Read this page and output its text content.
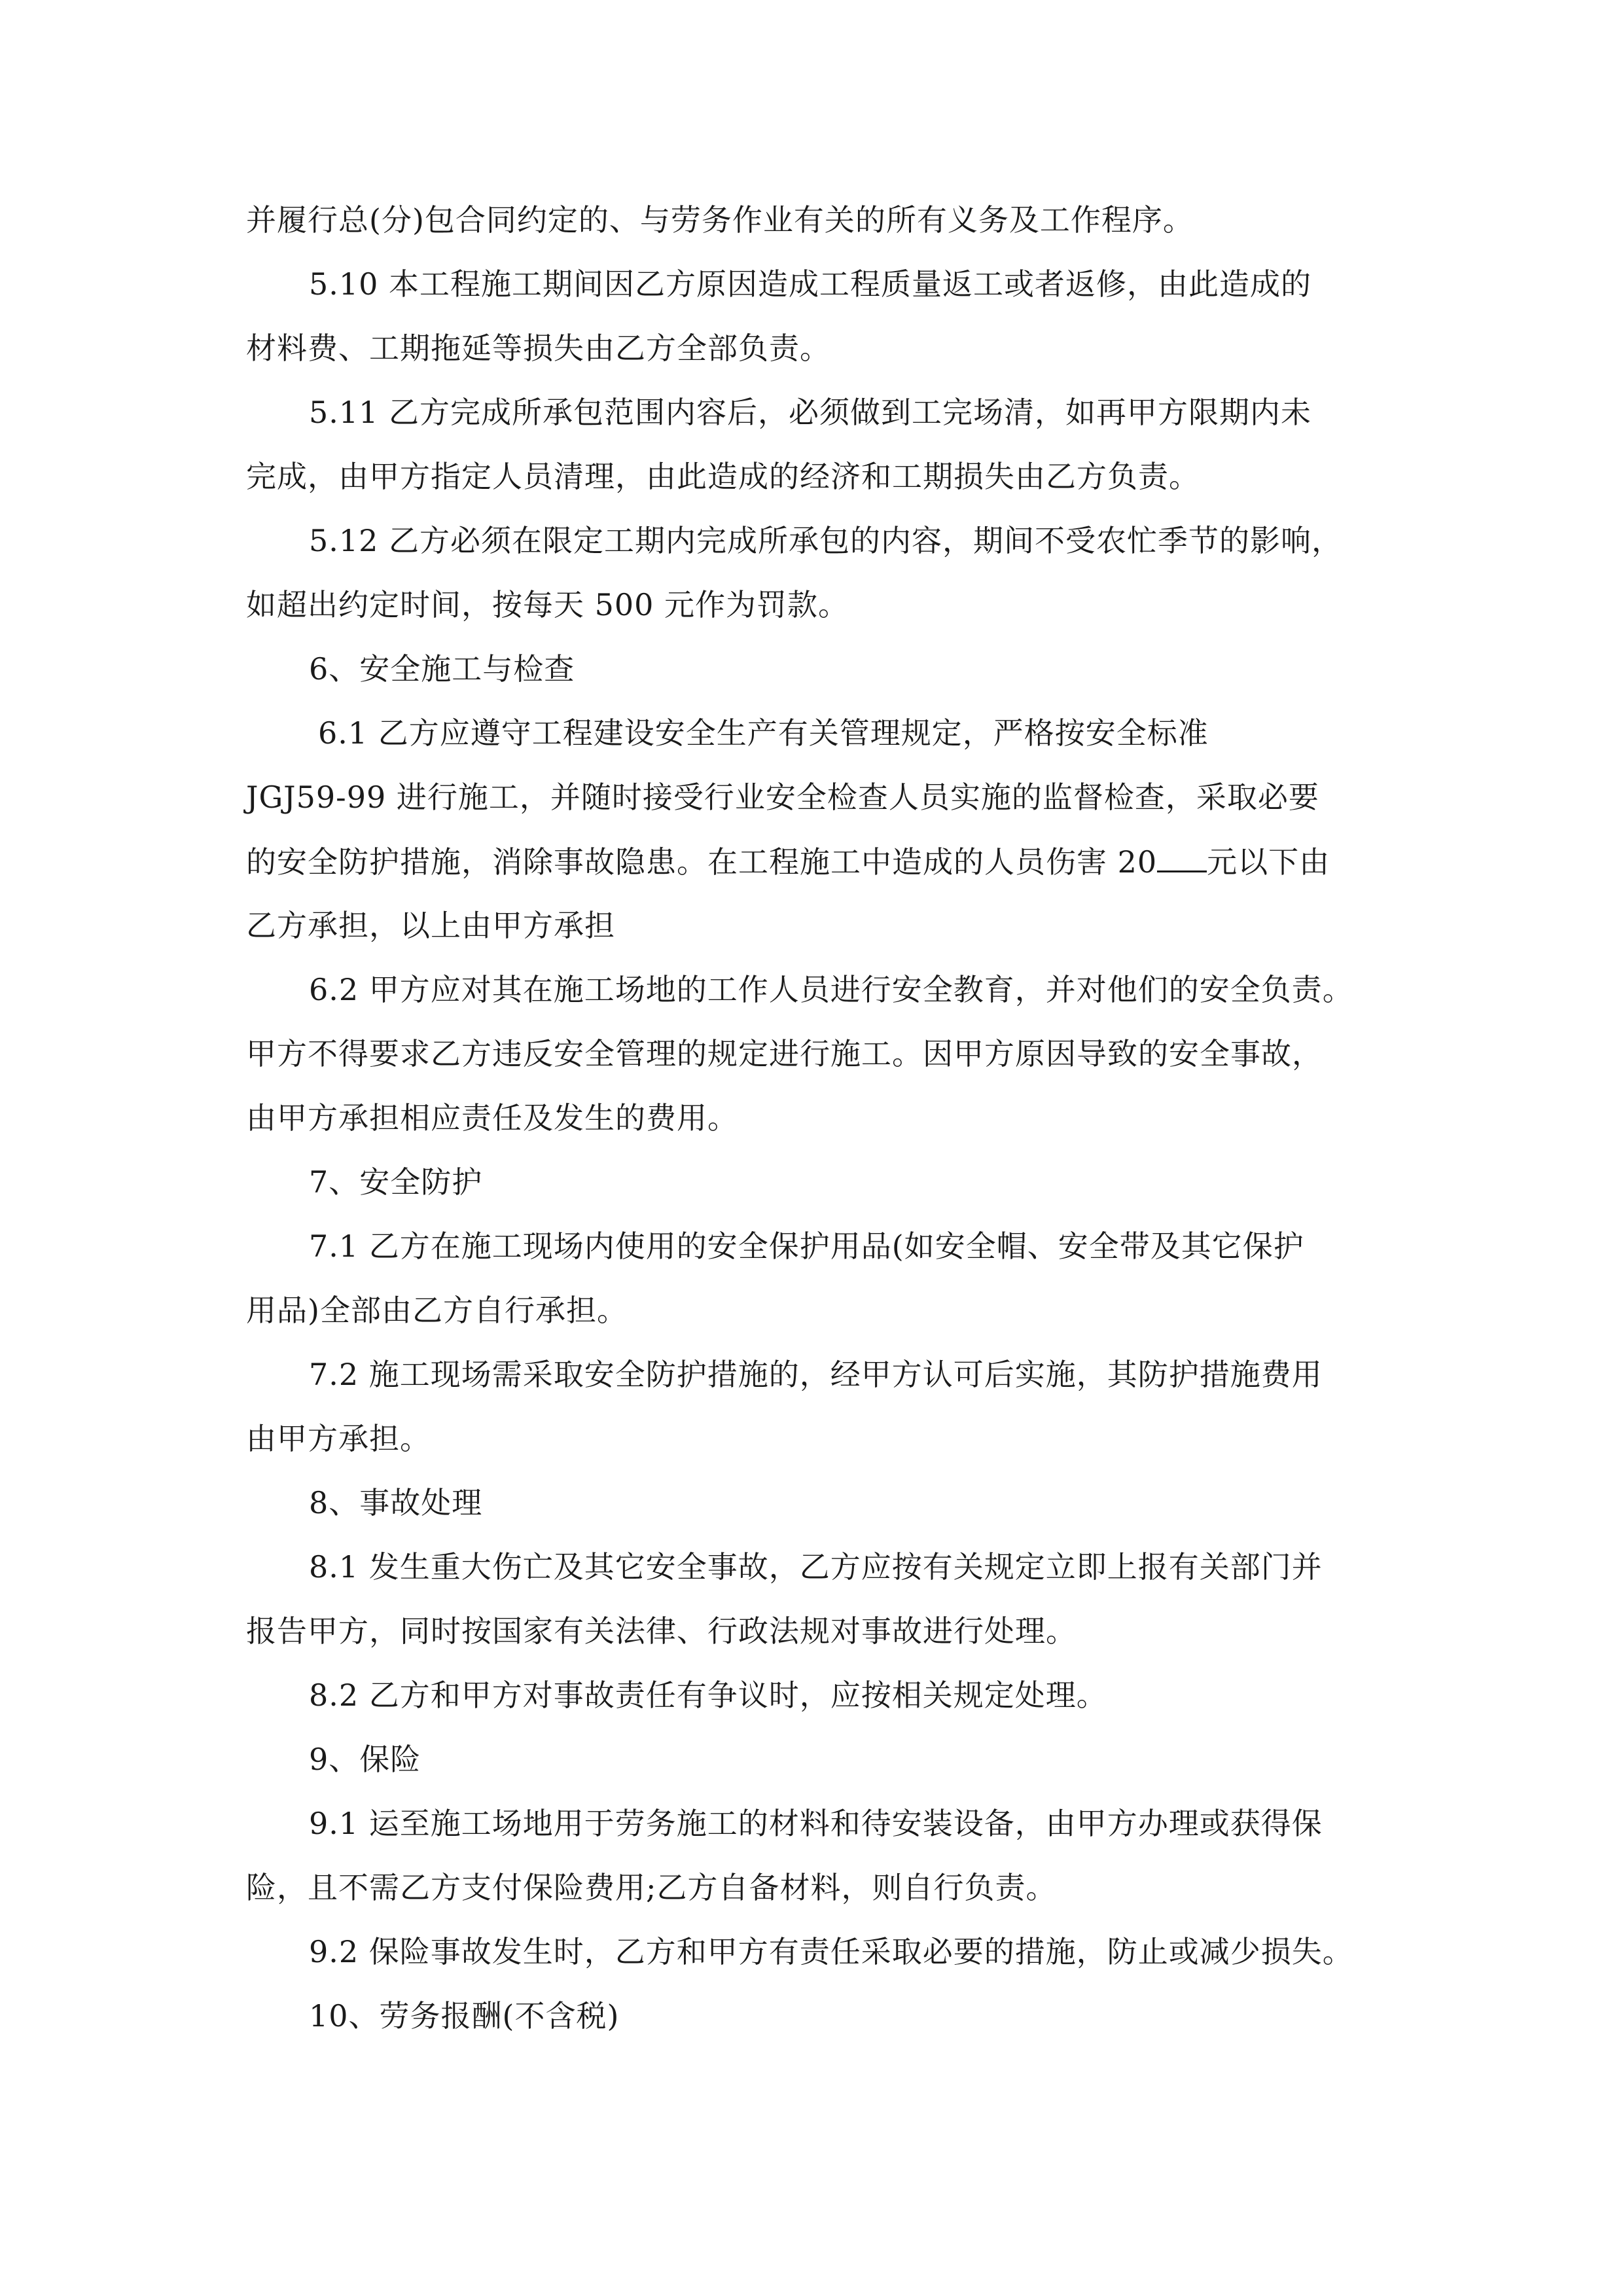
并履行总(分)包合同约定的、与劳务作业有关的所有义务及工作程序。
5.10 本工程施工期间因乙方原因造成工程质量返工或者返修，由此造成的
材料费、工期拖延等损失由乙方全部负责。
5.11 乙方完成所承包范围内容后，必须做到工完场清，如再甲方限期内未
完成，由甲方指定人员清理，由此造成的经济和工期损失由乙方负责。
5.12 乙方必须在限定工期内完成所承包的内容，期间不受农忙季节的影响，
如超出约定时间，按每天 500 元作为罚款。
6、安全施工与检查
6.1 乙方应遵守工程建设安全生产有关管理规定，严格按安全标准
JGJ59-99 进行施工，并随时接受行业安全检查人员实施的监督检查，采取必要
的安全防护措施，消除事故隐患。在工程施工中造成的人员伤害 20 元以下由
乙方承担，以上由甲方承担
6.2 甲方应对其在施工场地的工作人员进行安全教育，并对他们的安全负责。
甲方不得要求乙方违反安全管理的规定进行施工。因甲方原因导致的安全事故，
由甲方承担相应责任及发生的费用。
7、安全防护
7.1 乙方在施工现场内使用的安全保护用品(如安全帽、安全带及其它保护
用品)全部由乙方自行承担。
7.2 施工现场需采取安全防护措施的，经甲方认可后实施，其防护措施费用
由甲方承担。
8、事故处理
8.1 发生重大伤亡及其它安全事故，乙方应按有关规定立即上报有关部门并
报告甲方，同时按国家有关法律、行政法规对事故进行处理。
8.2 乙方和甲方对事故责任有争议时，应按相关规定处理。
9、保险
9.1 运至施工场地用于劳务施工的材料和待安装设备，由甲方办理或获得保
险，且不需乙方支付保险费用;乙方自备材料，则自行负责。
9.2 保险事故发生时，乙方和甲方有责任采取必要的措施，防止或减少损失。
10、劳务报酬(不含税)
